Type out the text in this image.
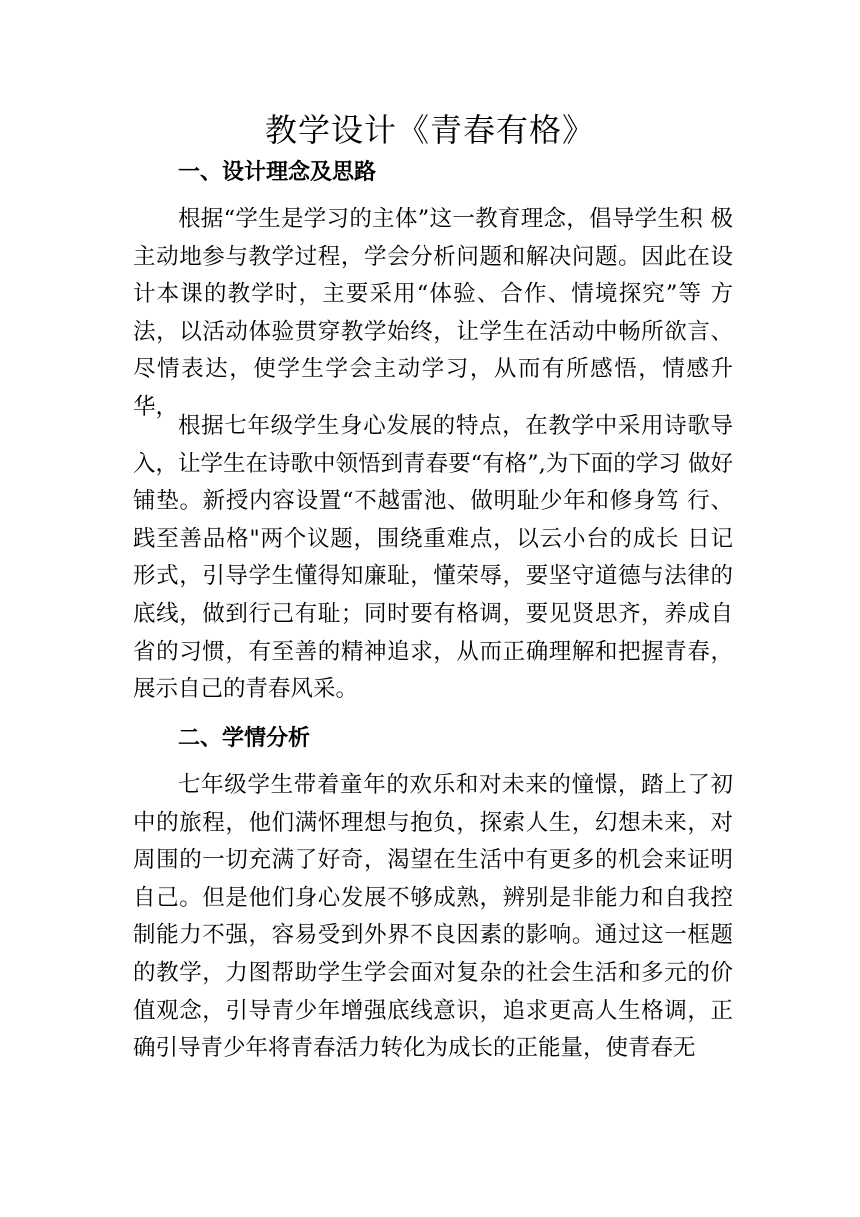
教学设计《青春有格》
一、设计理念及思路

根据“学生是学习的主体”这一教育理念，倡导学生积 极主动地参与教学过程，学会分析问题和解决问题。因此在设计本课的教学时，主要采用“体验、合作、情境探究”等 方法，以活动体验贯穿教学始终，让学生在活动中畅所欲言、尽情表达，使学生学会主动学习，从而有所感悟，情感升华，

根据七年级学生身心发展的特点，在教学中采用诗歌导入，让学生在诗歌中领悟到青春要“有格”,为下面的学习 做好铺垫。新授内容设置“不越雷池、做明耻少年和修身笃 行、践至善品格"两个议题，围绕重难点，以云小台的成长 日记形式，引导学生懂得知廉耻，懂荣辱，要坚守道德与法律的底线，做到行己有耻；同时要有格调，要见贤思齐，养成自省的习惯，有至善的精神追求，从而正确理解和把握青春，展示自己的青春风采。

二、学情分析

七年级学生带着童年的欢乐和对未来的憧憬，踏上了初中的旅程，他们满怀理想与抱负，探索人生，幻想未来，对周围的一切充满了好奇，渴望在生活中有更多的机会来证明自己。但是他们身心发展不够成熟，辨别是非能力和自我控制能力不强，容易受到外界不良因素的影响。通过这一框题的教学，力图帮助学生学会面对复杂的社会生活和多元的价值观念，引导青少年增强底线意识，追求更高人生格调，正确引导青少年将青春活力转化为成长的正能量，使青春无
